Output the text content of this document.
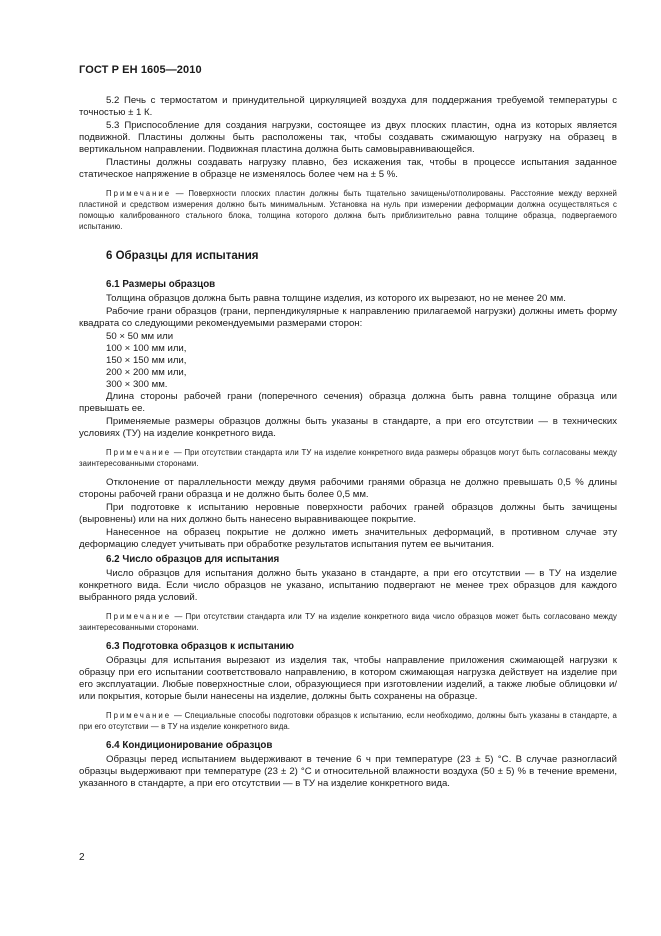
ГОСТ Р ЕН 1605—2010

5.2 Печь с термостатом и принудительной циркуляцией воздуха для поддержания требуемой температуры с точностью ± 1 К.

5.3 Приспособление для создания нагрузки, состоящее из двух плоских пластин, одна из которых является подвижной. Пластины должны быть расположены так, чтобы создавать сжимающую нагрузку на образец в вертикальном направлении. Подвижная пластина должна быть самовыравнивающейся.

Пластины должны создавать нагрузку плавно, без искажения так, чтобы в процессе испытания заданное статическое напряжение в образце не изменялось более чем на ± 5 %.

Примечание — Поверхности плоских пластин должны быть тщательно зачищены/отполированы. Расстояние между верхней пластиной и средством измерения должно быть минимальным. Установка на нуль при измерении деформации должна осуществляться с помощью калиброванного стального блока, толщина которого должна быть приблизительно равна толщине образца, подвергаемого испытанию.

6 Образцы для испытания
6.1 Размеры образцов

Толщина образцов должна быть равна толщине изделия, из которого их вырезают, но не менее 20 мм.

Рабочие грани образцов (грани, перпендикулярные к направлению прилагаемой нагрузки) должны иметь форму квадрата со следующими рекомендуемыми размерами сторон:

50 × 50 мм или

100 × 100 мм или,

150 × 150 мм или,

200 × 200 мм или,

300 × 300 мм.

Длина стороны рабочей грани (поперечного сечения) образца должна быть равна толщине образца или превышать ее.

Применяемые размеры образцов должны быть указаны в стандарте, а при его отсутствии — в технических условиях (ТУ) на изделие конкретного вида.

Примечание — При отсутствии стандарта или ТУ на изделие конкретного вида размеры образцов могут быть согласованы между заинтересованными сторонами.

Отклонение от параллельности между двумя рабочими гранями образца не должно превышать 0,5 % длины стороны рабочей грани образца и не должно быть более 0,5 мм.

При подготовке к испытанию неровные поверхности рабочих граней образцов должны быть зачищены (выровнены) или на них должно быть нанесено выравнивающее покрытие.

Нанесенное на образец покрытие не должно иметь значительных деформаций, в противном случае эту деформацию следует учитывать при обработке результатов испытания путем ее вычитания.

6.2 Число образцов для испытания

Число образцов для испытания должно быть указано в стандарте, а при его отсутствии — в ТУ на изделие конкретного вида. Если число образцов не указано, испытанию подвергают не менее трех образцов для каждого выбранного ряда условий.

Примечание — При отсутствии стандарта или ТУ на изделие конкретного вида число образцов может быть согласовано между заинтересованными сторонами.

6.3 Подготовка образцов к испытанию

Образцы для испытания вырезают из изделия так, чтобы направление приложения сжимающей нагрузки к образцу при его испытании соответствовало направлению, в котором сжимающая нагрузка действует на изделие при его эксплуатации. Любые поверхностные слои, образующиеся при изготовлении изделий, а также любые облицовки и/или покрытия, которые были нанесены на изделие, должны быть сохранены на образце.

Примечание — Специальные способы подготовки образцов к испытанию, если необходимо, должны быть указаны в стандарте, а при его отсутствии — в ТУ на изделие конкретного вида.

6.4 Кондиционирование образцов

Образцы перед испытанием выдерживают в течение 6 ч при температуре (23 ± 5) °С. В случае разногласий образцы выдерживают при температуре (23 ± 2) °С и относительной влажности воздуха (50 ± 5) % в течение времени, указанного в стандарте, а при его отсутствии — в ТУ на изделие конкретного вида.

2
